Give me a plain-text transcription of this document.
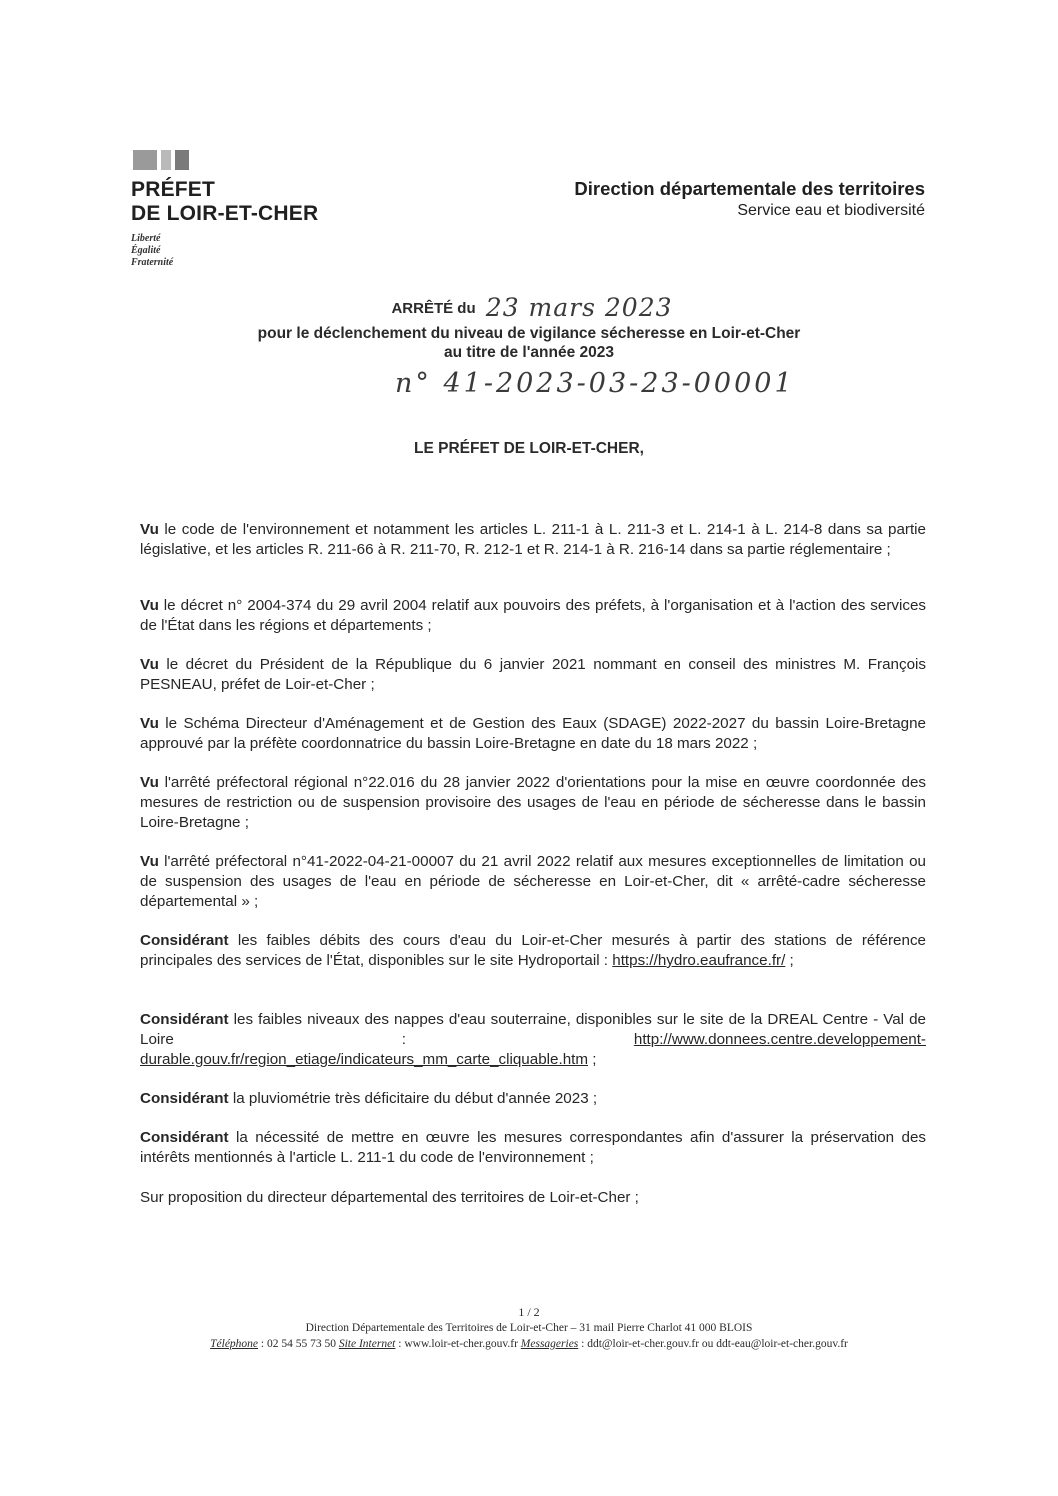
PRÉFET
DE LOIR-ET-CHER
Liberté
Égalité
Fraternité
Direction départementale des territoires
Service eau et biodiversité
ARRÊTÉ du 23 mars 2023
pour le déclenchement du niveau de vigilance sécheresse en Loir-et-Cher
au titre de l'année 2023
n° 41-2023-03-23-00001
LE PRÉFET DE LOIR-ET-CHER,
Vu le code de l'environnement et notamment les articles L. 211-1 à L. 211-3 et L. 214-1 à L. 214-8 dans sa partie législative, et les articles R. 211-66 à R. 211-70, R. 212-1 et R. 214-1 à R. 216-14 dans sa partie réglementaire ;
Vu le décret n° 2004-374 du 29 avril 2004 relatif aux pouvoirs des préfets, à l'organisation et à l'action des services de l'État dans les régions et départements ;
Vu le décret du Président de la République du 6 janvier 2021 nommant en conseil des ministres M. François PESNEAU, préfet de Loir-et-Cher ;
Vu le Schéma Directeur d'Aménagement et de Gestion des Eaux (SDAGE) 2022-2027 du bassin Loire-Bretagne approuvé par la préfète coordonnatrice du bassin Loire-Bretagne en date du 18 mars 2022 ;
Vu l'arrêté préfectoral régional n°22.016 du 28 janvier 2022 d'orientations pour la mise en œuvre coordonnée des mesures de restriction ou de suspension provisoire des usages de l'eau en période de sécheresse dans le bassin Loire-Bretagne ;
Vu l'arrêté préfectoral n°41-2022-04-21-00007 du 21 avril 2022 relatif aux mesures exceptionnelles de limitation ou de suspension des usages de l'eau en période de sécheresse en Loir-et-Cher, dit « arrêté-cadre sécheresse départemental » ;
Considérant les faibles débits des cours d'eau du Loir-et-Cher mesurés à partir des stations de référence principales des services de l'État, disponibles sur le site Hydroportail : https://hydro.eaufrance.fr/ ;
Considérant les faibles niveaux des nappes d'eau souterraine, disponibles sur le site de la DREAL Centre - Val de Loire : http://www.donnees.centre.developpement-durable.gouv.fr/region_etiage/indicateurs_mm_carte_cliquable.htm ;
Considérant la pluviométrie très déficitaire du début d'année 2023 ;
Considérant la nécessité de mettre en œuvre les mesures correspondantes afin d'assurer la préservation des intérêts mentionnés à l'article L. 211-1 du code de l'environnement ;
Sur proposition du directeur départemental des territoires de Loir-et-Cher ;
1 / 2
Direction Départementale des Territoires de Loir-et-Cher – 31 mail Pierre Charlot 41 000 BLOIS
Téléphone : 02 54 55 73 50 Site Internet : www.loir-et-cher.gouv.fr Messageries : ddt@loir-et-cher.gouv.fr ou ddt-eau@loir-et-cher.gouv.fr
